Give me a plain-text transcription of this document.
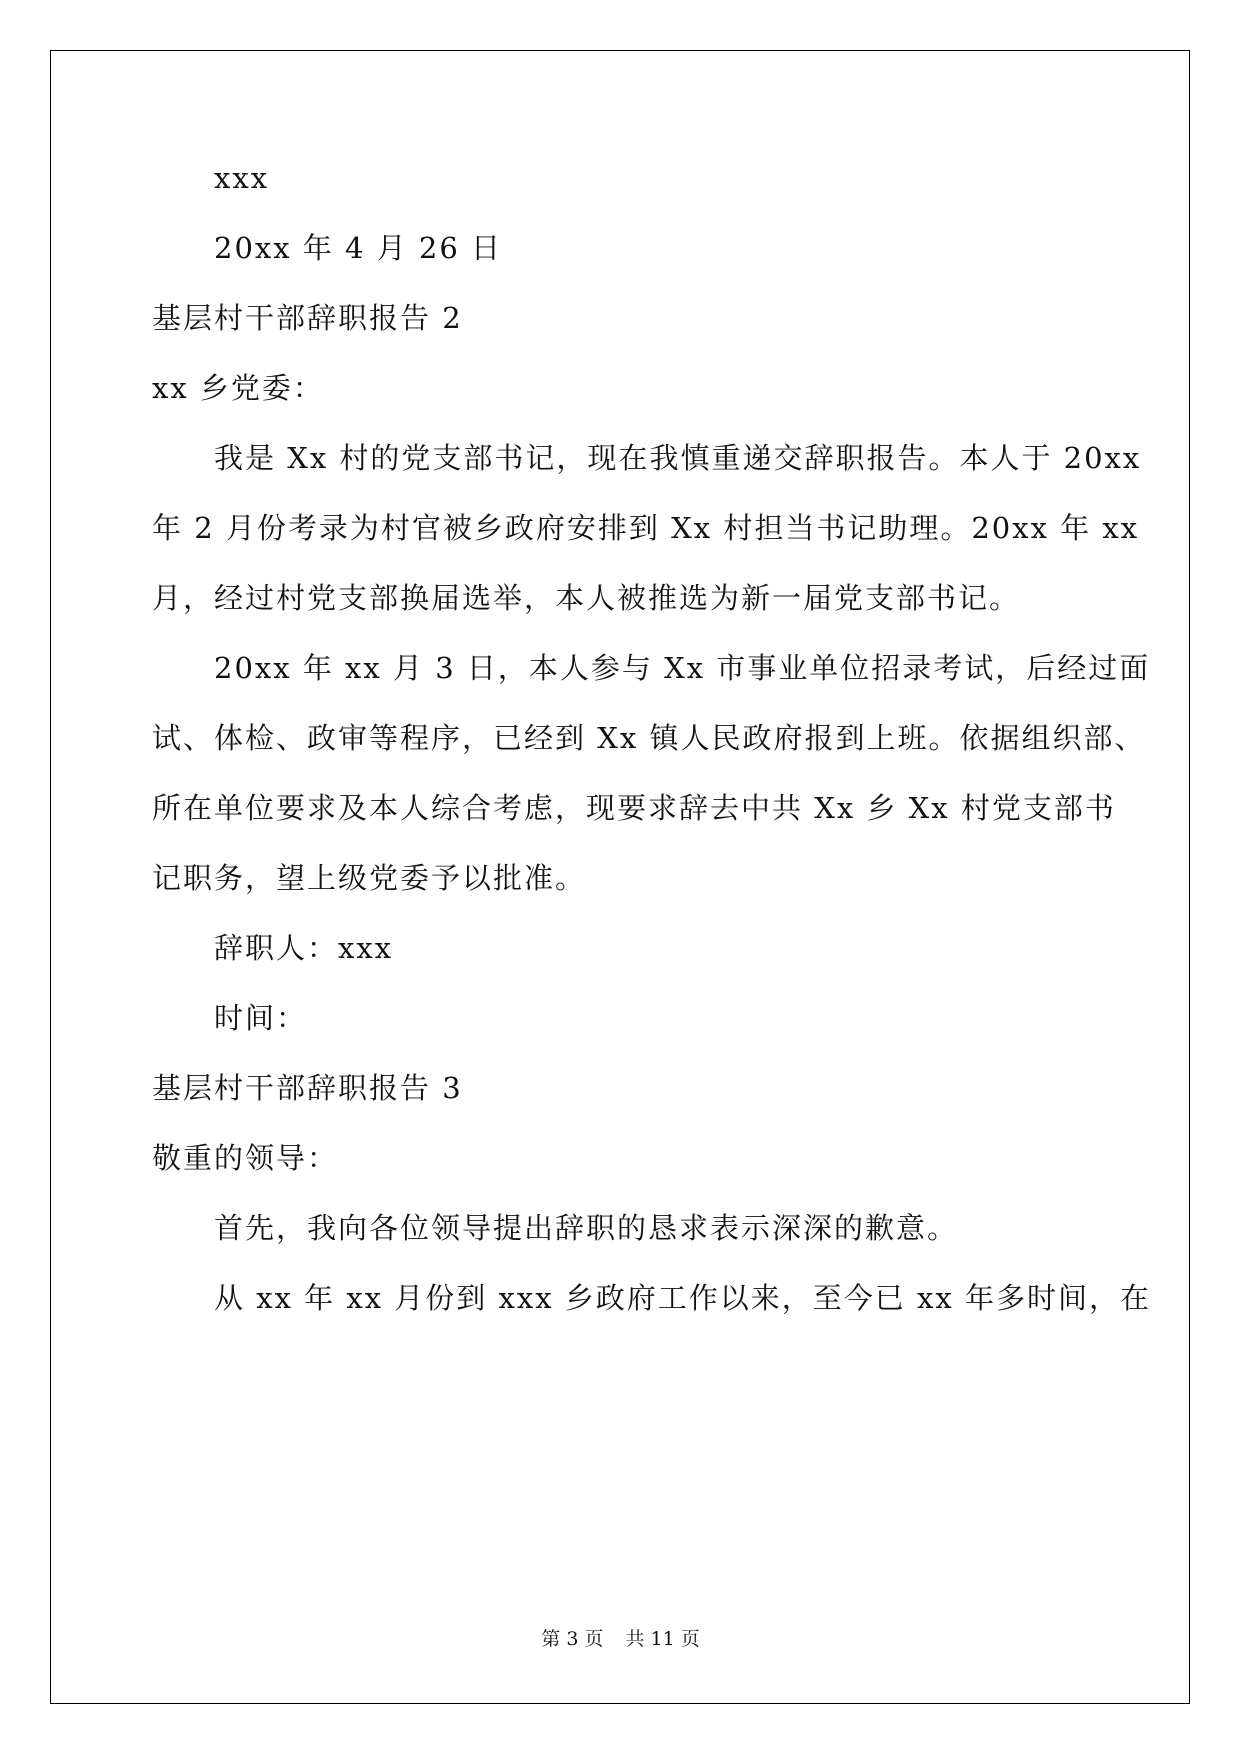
xxx
20xx 年 4 月 26 日
基层村干部辞职报告 2
xx 乡党委：
我是 Xx 村的党支部书记，现在我慎重递交辞职报告。本人于 20xx
年 2 月份考录为村官被乡政府安排到 Xx 村担当书记助理。20xx 年 xx
月，经过村党支部换届选举，本人被推选为新一届党支部书记。
20xx 年 xx 月 3 日，本人参与 Xx 市事业单位招录考试，后经过面
试、体检、政审等程序，已经到 Xx 镇人民政府报到上班。依据组织部、
所在单位要求及本人综合考虑，现要求辞去中共 Xx 乡 Xx 村党支部书
记职务，望上级党委予以批准。
辞职人：xxx
时间：
基层村干部辞职报告 3
敬重的领导：
首先，我向各位领导提出辞职的恳求表示深深的歉意。
从 xx 年 xx 月份到 xxx 乡政府工作以来，至今已 xx 年多时间，在
第 3 页 共 11 页
